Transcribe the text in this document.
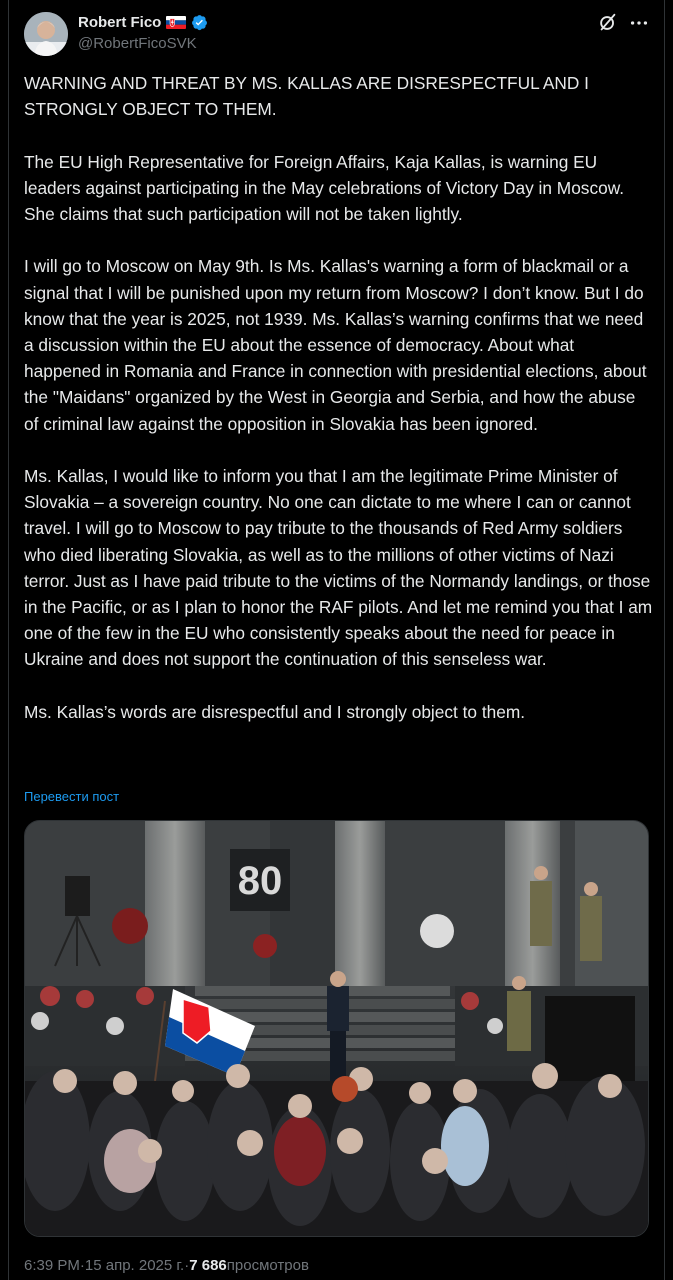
Robert Fico
@RobertFicoSVK
WARNING AND THREAT BY MS. KALLAS ARE DISRESPECTFUL AND I STRONGLY OBJECT TO THEM.

The EU High Representative for Foreign Affairs, Kaja Kallas, is warning EU leaders against participating in the May celebrations of Victory Day in Moscow. She claims that such participation will not be taken lightly.

I will go to Moscow on May 9th. Is Ms. Kallas's warning a form of blackmail or a signal that I will be punished upon my return from Moscow? I don’t know. But I do know that the year is 2025, not 1939. Ms. Kallas’s warning confirms that we need a discussion within the EU about the essence of democracy. About what happened in Romania and France in connection with presidential elections, about the "Maidans" organized by the West in Georgia and Serbia, and how the abuse of criminal law against the opposition in Slovakia has been ignored.

Ms. Kallas, I would like to inform you that I am the legitimate Prime Minister of Slovakia – a sovereign country. No one can dictate to me where I can or cannot travel. I will go to Moscow to pay tribute to the thousands of Red Army soldiers who died liberating Slovakia, as well as to the millions of other victims of Nazi terror. Just as I have paid tribute to the victims of the Normandy landings, or those in the Pacific, or as I plan to honor the RAF pilots. And let me remind you that I am one of the few in the EU who consistently speaks about the need for peace in Ukraine and does not support the continuation of this senseless war.

Ms. Kallas’s words are disrespectful and I strongly object to them.
Перевести пост
80
6:39 PM · 15 апр. 2025 г. · 7 686 просмотров
